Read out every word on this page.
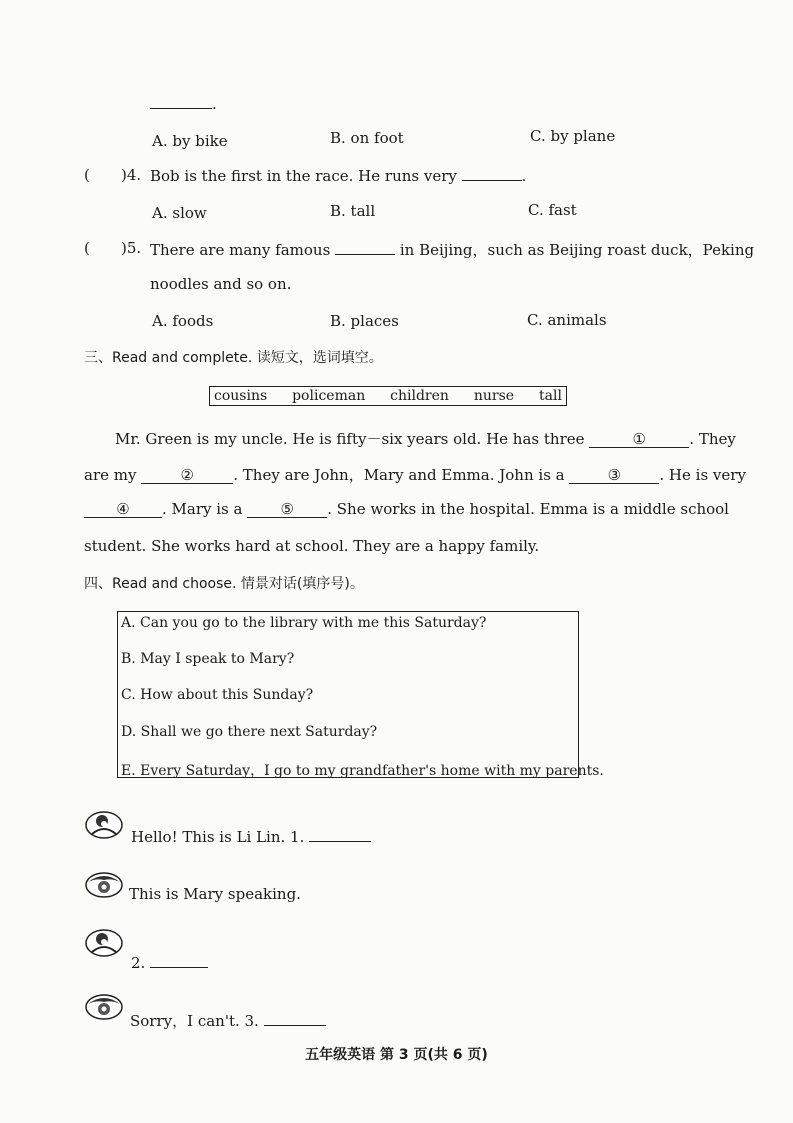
.
A. by bike	B. on foot	C. by plane
( )4. Bob is the first in the race. He runs very	.
A. slow	B. tall	C. fast
( )5. There are many famous	in Beijing，such as Beijing roast duck，Peking
noodles and so on.
A. foods	B. places	C. animals
三、Read and complete. 读短文，选词填空。
cousins policeman children nurse tall
Mr. Green is my uncle. He is fifty－six years old. He has three	①	. They
are my	②	. They are John，Mary and Emma. John is a	③	. He is very
④ . Mary is a	⑤ . She works in the hospital. Emma is a middle school
student. She works hard at school. They are a happy family.
四、Read and choose. 情景对话(填序号)。
A. Can you go to the library with me this Saturday?
B. May I speak to Mary?
C. How about this Sunday?
D. Shall we go there next Saturday?
E. Every Saturday，I go to my grandfather's home with my parents.
Hello! This is Li Lin. 1.
This is Mary speaking.
2.
Sorry，I can't. 3.
五年级英语 第 3 页(共 6 页)
